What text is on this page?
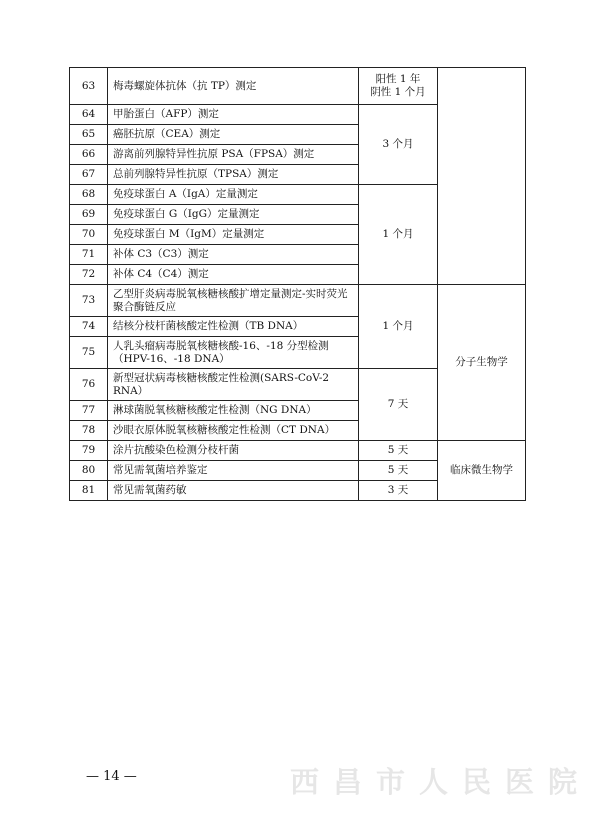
63	梅毒螺旋体抗体（抗 TP）测定	阳性 1 年
阴性 1 个月	
64	甲胎蛋白（AFP）测定	3 个月	
65	癌胚抗原（CEA）测定		
66	游离前列腺特异性抗原 PSA（FPSA）测定		
67	总前列腺特异性抗原（TPSA）测定		
68	免疫球蛋白 A（IgA）定量测定	1 个月	
69	免疫球蛋白 G（IgG）定量测定		
70	免疫球蛋白 M（IgM）定量测定		
71	补体 C3（C3）测定		
72	补体 C4（C4）测定		
73	乙型肝炎病毒脱氧核糖核酸扩增定量测定-实时荧光聚合酶链反应	1 个月	分子生物学
74	结核分枝杆菌核酸定性检测（TB DNA）		
75	人乳头瘤病毒脱氧核糖核酸-16、-18 分型检测（HPV-16、-18 DNA）		
76	新型冠状病毒核糖核酸定性检测(SARS-CoV-2 RNA）	7 天	
77	淋球菌脱氧核糖核酸定性检测（NG DNA）		
78	沙眼衣原体脱氧核糖核酸定性检测（CT DNA）		
79	涂片抗酸染色检测分枝杆菌	5 天	临床微生物学
80	常见需氧菌培养鉴定	5 天	
81	常见需氧菌药敏	3 天	
— 14 —	西昌市人民医院
